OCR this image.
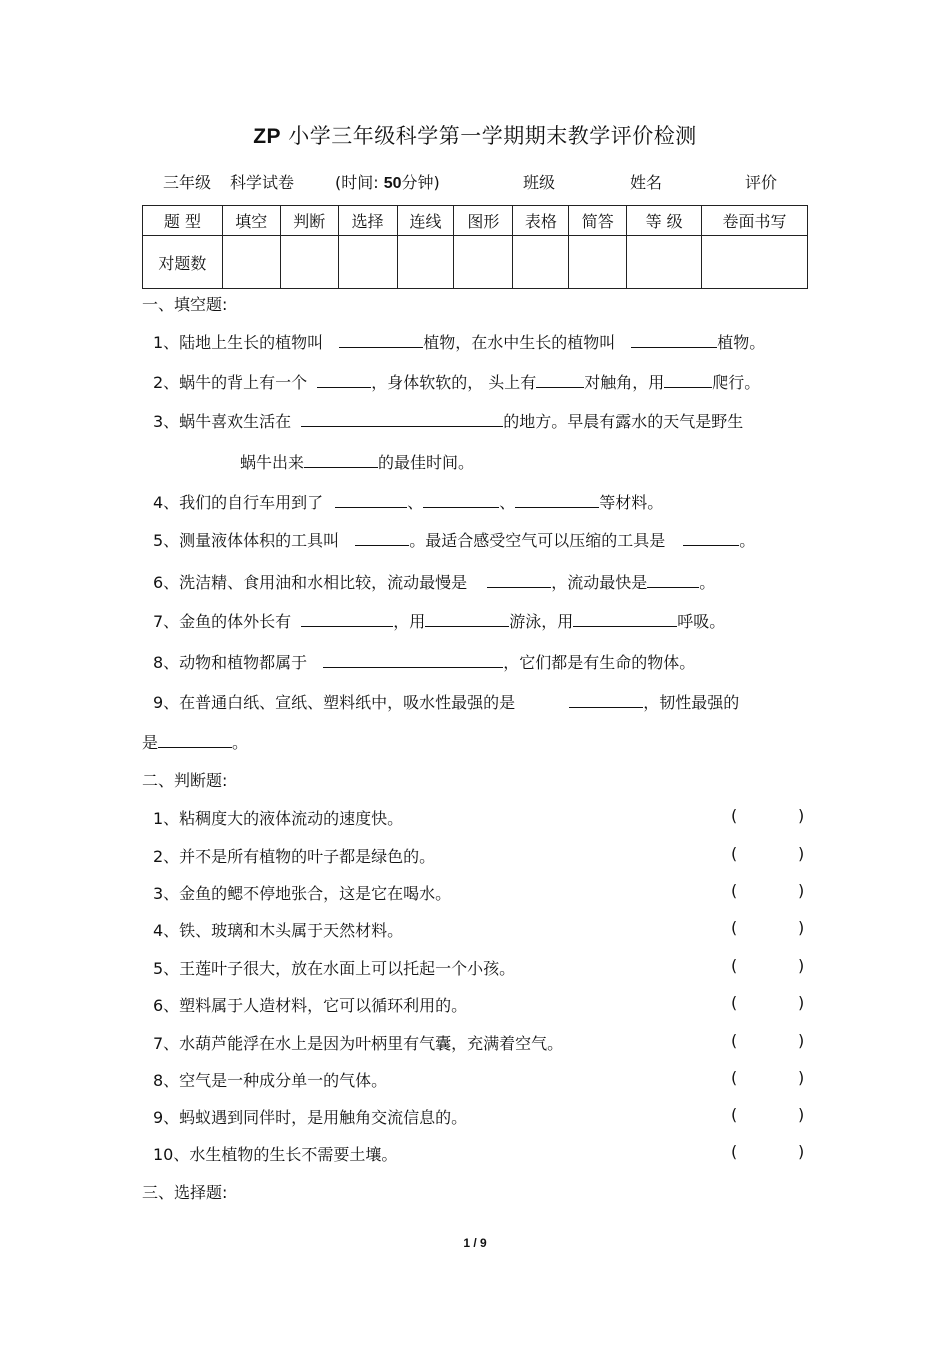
ZP 小学三年级科学第一学期期末教学评价检测
三年级 科学试卷	(时间: 50分钟)	班级	姓名	评价
题 型	填空	判断	选择	连线	图形	表格	简答	等 级	卷面书写
对题数									
一、填空题:
1、陆地上生长的植物叫	植物，在水中生长的植物叫	植物。
2、蜗牛的背上有一个	，身体软软的， 头上有	对触角，用	爬行。
3、蜗牛喜欢生活在	的地方。早晨有露水的天气是野生
蜗牛出来	的最佳时间。
4、我们的自行车用到了	、	、	等材料。
5、测量液体体积的工具叫	。最适合感受空气可以压缩的工具是	。
6、洗洁精、食用油和水相比较，流动最慢是	，流动最快是	。
7、金鱼的体外长有	，用	游泳，用	呼吸。
8、动物和植物都属于	，它们都是有生命的物体。
9、在普通白纸、宣纸、塑料纸中，吸水性最强的是	，韧性最强的
是	。
二、判断题:
1、粘稠度大的液体流动的速度快。	(	)
2、并不是所有植物的叶子都是绿色的。	(	)
3、金鱼的鳃不停地张合，这是它在喝水。	(	)
4、铁、玻璃和木头属于天然材料。	(	)
5、王莲叶子很大，放在水面上可以托起一个小孩。	(	)
6、塑料属于人造材料，它可以循环利用的。	(	)
7、水葫芦能浮在水上是因为叶柄里有气囊，充满着空气。	(	)
8、空气是一种成分单一的气体。	(	)
9、蚂蚁遇到同伴时，是用触角交流信息的。	(	)
10、水生植物的生长不需要土壤。	(	)
三、选择题:
1 / 9
